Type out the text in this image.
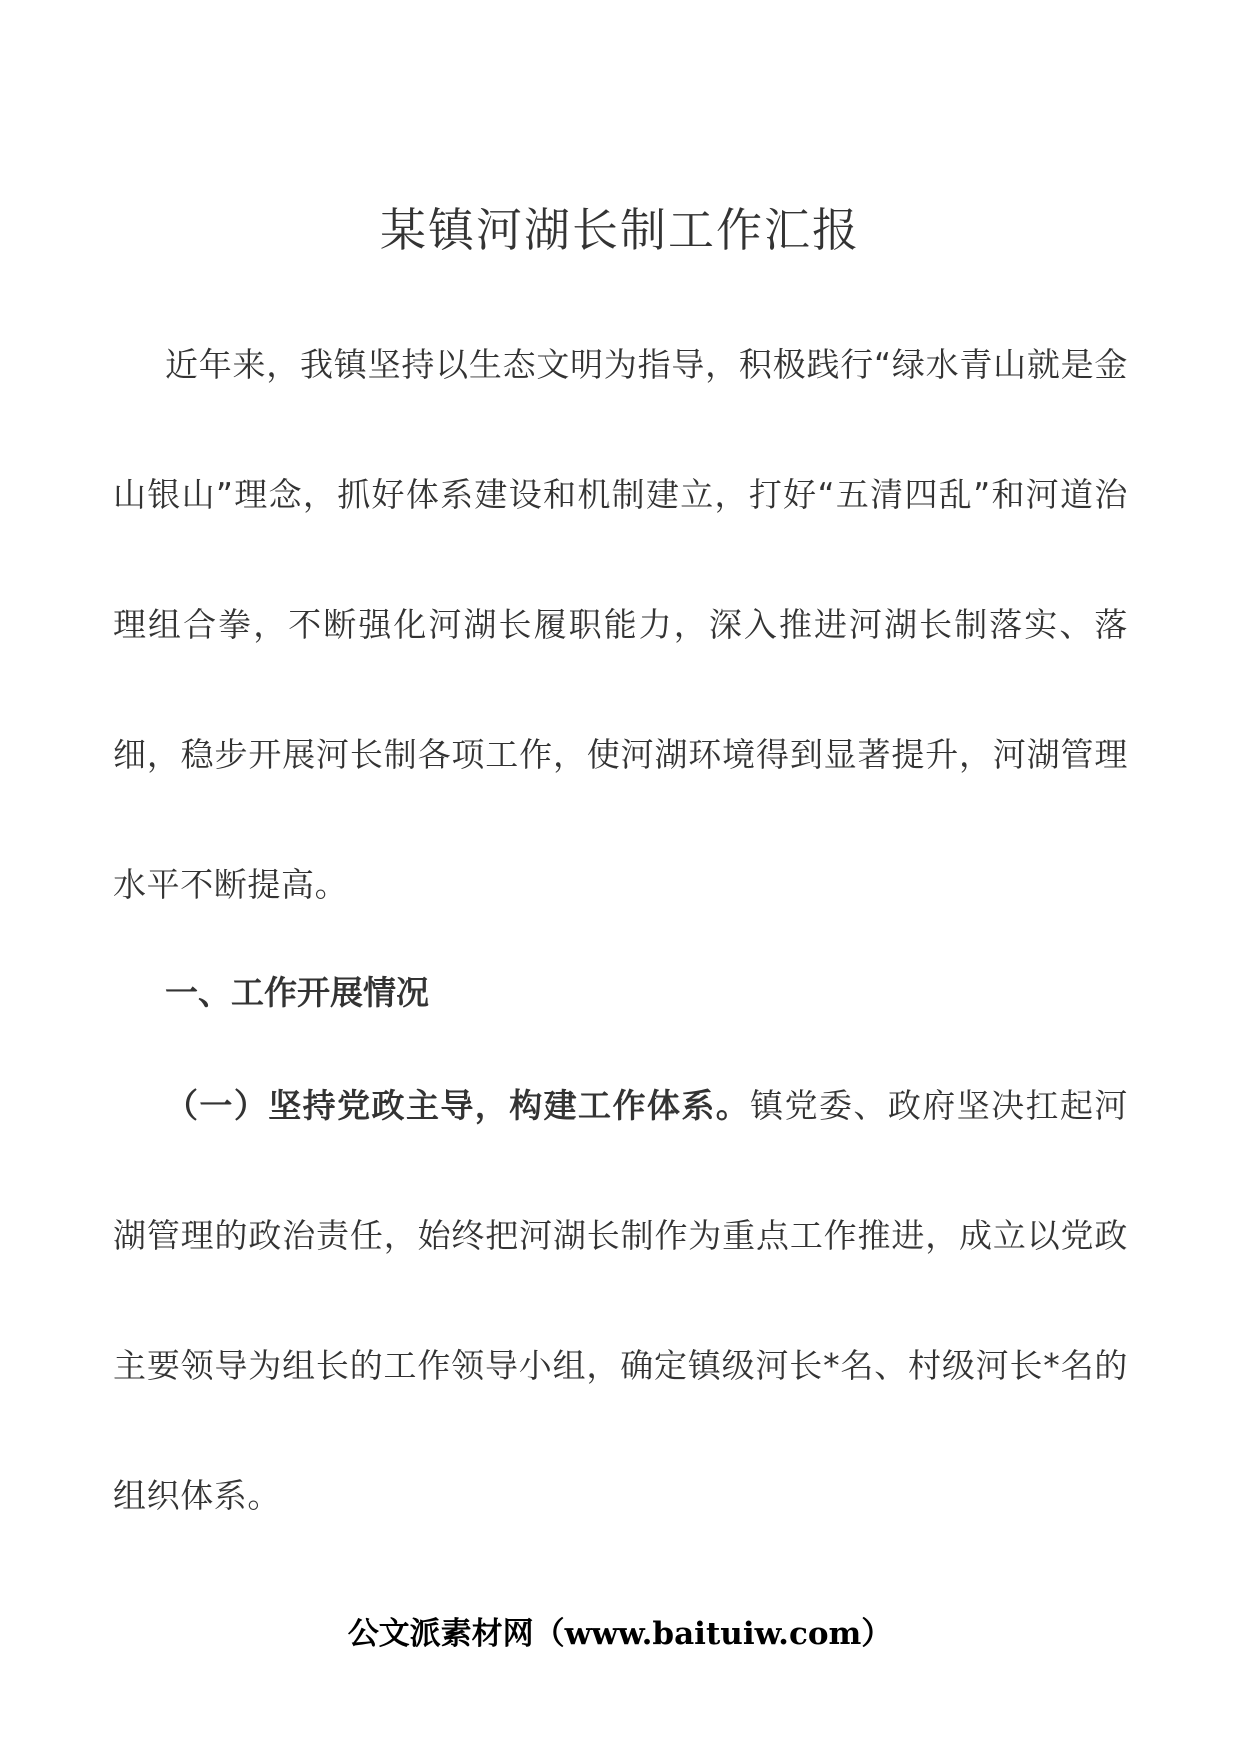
某镇河湖长制工作汇报
近年来，我镇坚持以生态文明为指导，积极践行“绿水青山就是金山银山”理念，抓好体系建设和机制建立，打好“五清四乱”和河道治理组合拳，不断强化河湖长履职能力，深入推进河湖长制落实、落细，稳步开展河长制各项工作，使河湖环境得到显著提升，河湖管理水平不断提高。
一、工作开展情况
（一）坚持党政主导，构建工作体系。镇党委、政府坚决扛起河湖管理的政治责任，始终把河湖长制作为重点工作推进，成立以党政主要领导为组长的工作领导小组，确定镇级河长*名、村级河长*名的组织体系。
公文派素材网（www.baituiw.com）
